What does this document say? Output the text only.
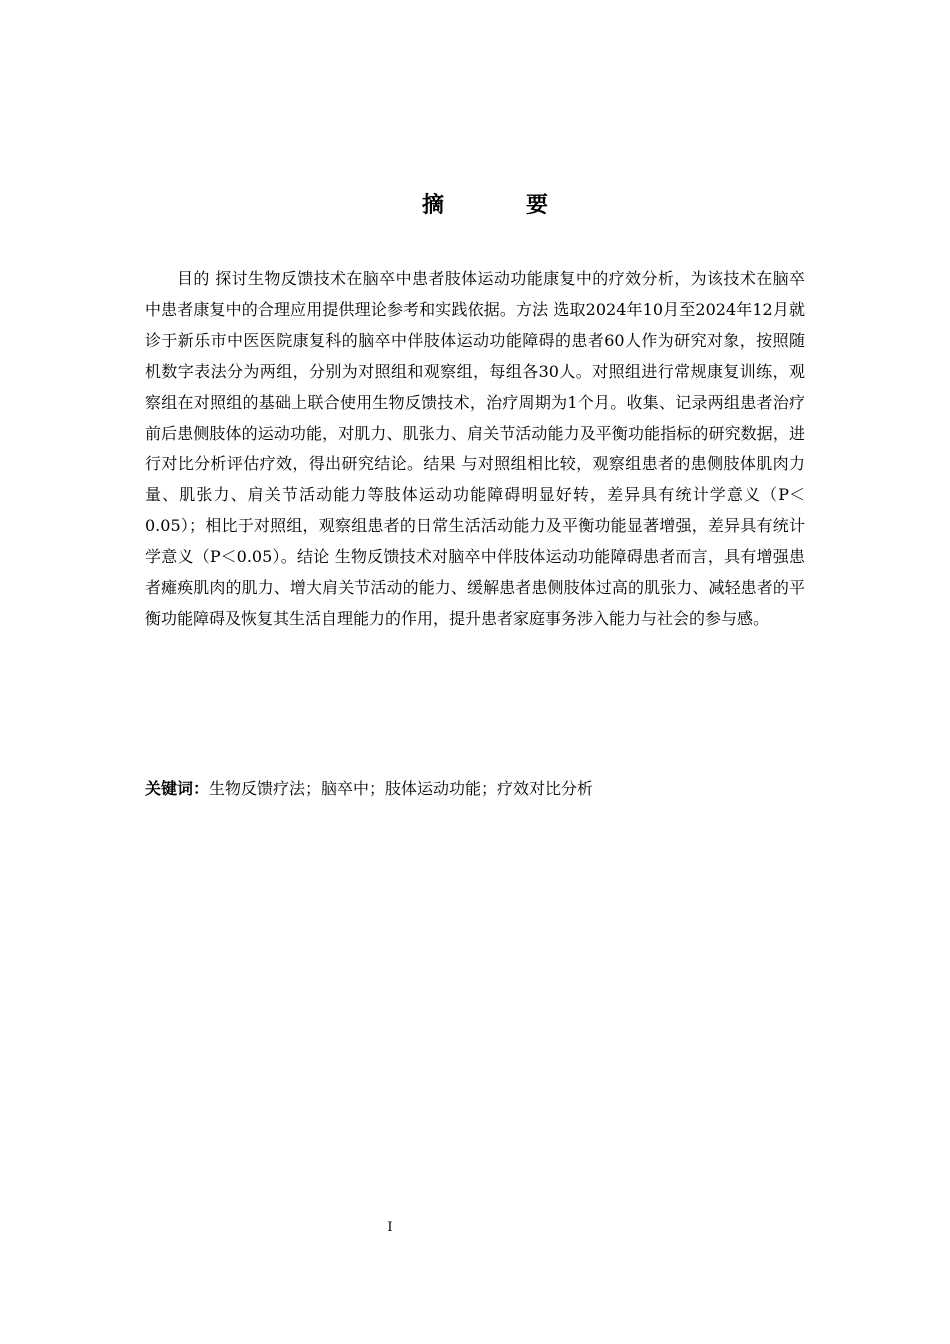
摘　要

目的 探讨生物反馈技术在脑卒中患者肢体运动功能康复中的疗效分析，为该技术在脑卒中患者康复中的合理应用提供理论参考和实践依据。方法 选取2024年10月至2024年12月就诊于新乐市中医医院康复科的脑卒中伴肢体运动功能障碍的患者60人作为研究对象，按照随机数字表法分为两组，分别为对照组和观察组，每组各30人。对照组进行常规康复训练，观察组在对照组的基础上联合使用生物反馈技术，治疗周期为1个月。收集、记录两组患者治疗前后患侧肢体的运动功能，对肌力、肌张力、肩关节活动能力及平衡功能指标的研究数据，进行对比分析评估疗效，得出研究结论。结果 与对照组相比较，观察组患者的患侧肢体肌肉力量、肌张力、肩关节活动能力等肢体运动功能障碍明显好转，差异具有统计学意义（P＜0.05）；相比于对照组，观察组患者的日常生活活动能力及平衡功能显著增强，差异具有统计学意义（P＜0.05）。结论 生物反馈技术对脑卒中伴肢体运动功能障碍患者而言，具有增强患者瘫痪肌肉的肌力、增大肩关节活动的能力、缓解患者患侧肢体过高的肌张力、减轻患者的平衡功能障碍及恢复其生活自理能力的作用，提升患者家庭事务涉入能力与社会的参与感。

关键词：生物反馈疗法；脑卒中；肢体运动功能；疗效对比分析
I
